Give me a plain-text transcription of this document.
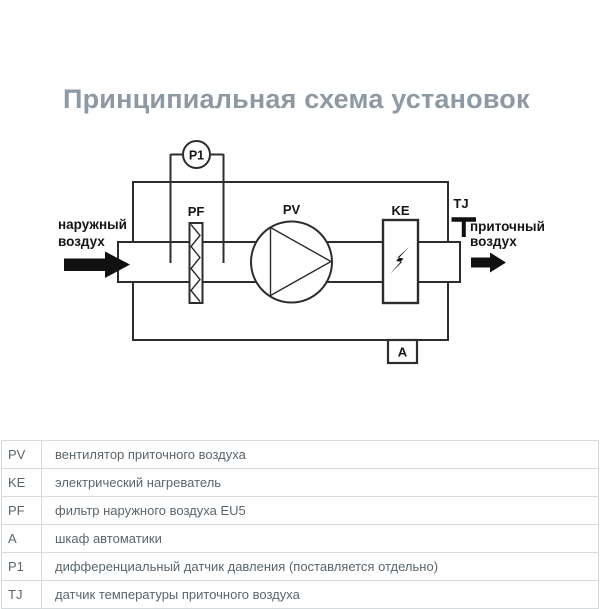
Принципиальная схема установок
P1
A
PF	PV	KE	TJ
наружный
воздух
приточный
воздух
PV	вентилятор приточного воздуха
KE	электрический нагреватель
PF	фильтр наружного воздуха EU5
A	шкаф автоматики
P1	дифференциальный датчик давления (поставляется отдельно)
TJ	датчик температуры приточного воздуха
